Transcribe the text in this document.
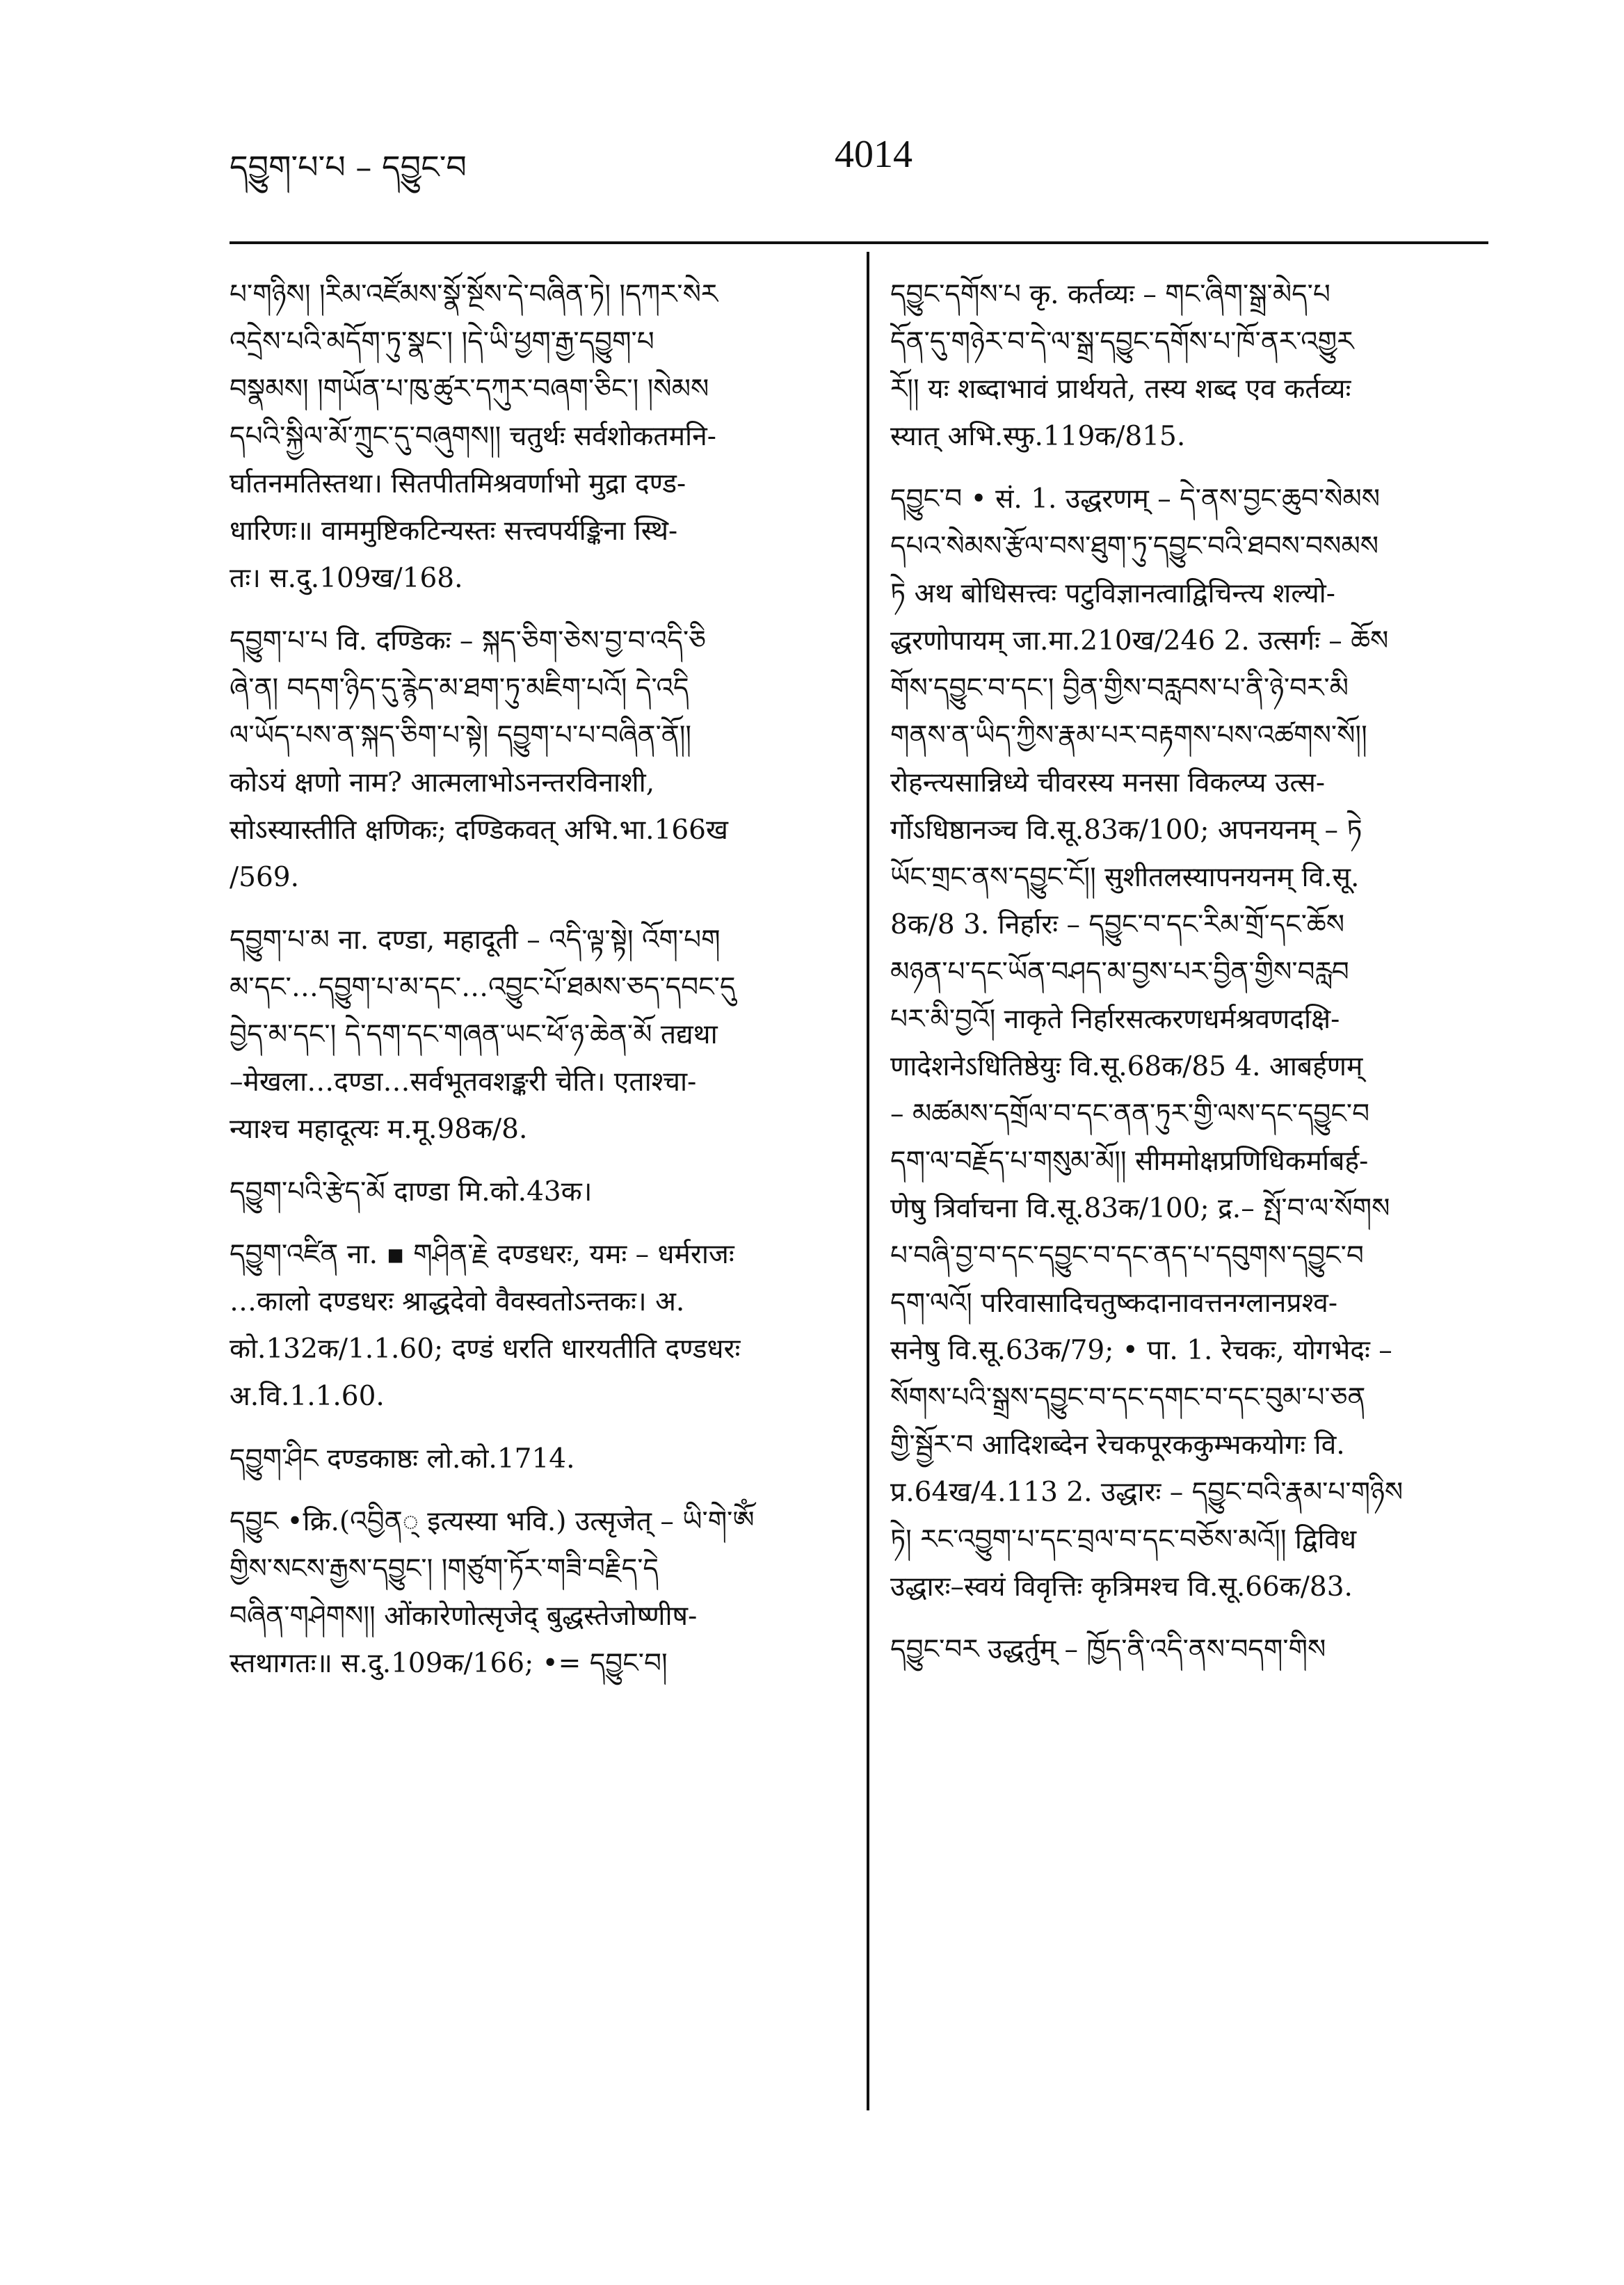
དབྱུག་པ་པ – དབྱུང་བ	4014
པ་གཉིས། །རིམ་འཛོམས་སྣོ་སྔོས་དེ་བཞིན་ཏེ། །དཀར་སེར
འདྲེས་པའི་མདོག་ཏུ་སྣང་། །དེ་ཡི་ཕྱག་རྒྱ་དབྱུག་པ
བསྣམས། །གཡོན་པ་ཁུ་ཚུར་དཀུར་བཞག་ཅིང་། །སེམས
དཔའི་སྐྱིལ་མོ་ཀྲུང་དུ་བཞུགས།། चतुर्थः सर्वशोकतमनि-
र्घातनमतिस्तथा। सितपीतमिश्रवर्णाभो मुद्रा दण्ड-
धारिणः॥ वाममुष्टिकटिन्यस्तः सत्त्वपर्यङ्किना स्थि-
तः। स.दु.109ख/168.
དབྱུག་པ་པ वि. दण्डिकः – སྐད་ཅིག་ཅེས་བྱ་བ་འདི་ཅི
ཞེ་ན། བདག་ཉིད་དུ་རྙེད་མ་ཐག་ཏུ་མཇིག་པའོ། དེ་འདི
ལ་ཡོད་པས་ན་སྐད་ཅིག་པ་སྟེ། དབྱུག་པ་པ་བཞིན་ནོ།།
कोऽयं क्षणो नाम? आत्मलाभोऽनन्तरविनाशी,
सोऽस्यास्तीति क्षणिकः; दण्डिकवत् अभि.भा.166ख
/569.
དབྱུག་པ་མ ना. दण्डा, महादूती – འདི་ལྟ་སྟེ། འོག་པག
མ་དང་…དབྱུག་པ་མ་དང་…འབྱུང་པོ་ཐམས་ཅད་དབང་དུ
བྱེད་མ་དང་། དེ་དག་དང་གཞན་ཡང་ཕོ་ཉ་ཆེན་མོ तद्यथा
–मेखला…दण्डा…सर्वभूतवशङ्करी चेति। एताश्चा-
न्याश्च महादूत्यः म.मू.98क/8.
དབྱུག་པའི་རྩེད་མོ दाण्डा मि.को.43क।
དབྱུག་འཛིན ना. ▪ གཤིན་རྗེ दण्डधरः, यमः – धर्मराजः
…कालो दण्डधरः श्राद्धदेवो वैवस्वतोऽन्तकः। अ.
को.132क/1.1.60; दण्डं धरति धारयतीति दण्डधरः
अ.वि.1.1.60.
དབྱུག་ཤིང दण्डकाष्ठः लो.को.1714.
དབྱུང •क्रि.(འབྱིན् इत्यस्या भवि.) उत्सृजेत् – ཡི་གེ་ཨོཾ
གྱིས་སངས་རྒྱས་དབྱུང་། །གཙུག་ཏོར་གཟི་བརྗིད་དེ
བཞིན་གཤེགས།། ओंकारेणोत्सृजेद् बुद्धस्तेजोष्णीष-
स्तथागतः॥ स.दु.109क/166; •= དབྱུང་བ།
དབྱུང་དགོས་པ कृ. कर्तव्यः – གང་ཞིག་སྒྲ་མེད་པ
དོན་དུ་གཉེར་བ་དེ་ལ་སྒྲ་དབྱུང་དགོས་པ་ཁོ་ནར་འགྱུར
རོ།། यः शब्दाभावं प्रार्थयते, तस्य शब्द एव कर्तव्यः
स्यात् अभि.स्फु.119क/815.
དབྱུང་བ • सं. 1. उद्धरणम् – དེ་ནས་བྱང་ཆུབ་སེམས
དཔའ་སེམས་རྩོལ་བས་ཐུག་ཏུ་དབྱུང་བའི་ཐབས་བསམས
ཏེ अथ बोधिसत्त्वः पटुविज्ञानत्वाद्विचिन्त्य शल्यो-
द्धरणोपायम् जा.मा.210ख/246 2. उत्सर्गः – ཆོས
གོས་དབྱུང་བ་དང་། བྱིན་གྱིས་བརླབས་པ་ནི་ཉེ་བར་མི
གནས་ན་ཡིད་ཀྱིས་རྣམ་པར་བརྟགས་པས་འཚགས་སོ།།
रोहन्त्यसान्निध्ये चीवरस्य मनसा विकल्प्य उत्स-
र्गोऽधिष्ठानञ्च वि.सू.83क/100; अपनयनम् – ཏེ
ཡོང་གྲང་ནས་དབྱུང་ངོ།། सुशीतलस्यापनयनम् वि.सू.
8क/8 3. निर्हारः – དབྱུང་བ་དང་རིམ་གྲོ་དང་ཆོས
མཉན་པ་དང་ཡོན་བཤད་མ་བྱས་པར་བྱིན་གྱིས་བརླབ
པར་མི་བྱའོ། नाकृते निर्हारसत्करणधर्मश्रवणदक्षि-
णादेशनेऽधितिष्ठेयुः वि.सू.68क/85 4. आबर्हणम्
– མཚམས་དགྲོལ་བ་དང་ནན་ཏུར་གྱི་ལས་དང་དབྱུང་བ
དག་ལ་བརྗོད་པ་གསུམ་མོ།། सीममोक्षप्रणिधिकर्माबर्ह-
णेषु त्रिर्वाचना वि.सू.83क/100; द्र.– སྤོ་བ་ལ་སོགས
པ་བཞི་བྱ་བ་དང་དབྱུང་བ་དང་ནད་པ་དབུགས་དབྱུང་བ
དག་ལའོ། परिवासादिचतुष्कदानावत्तनग्लानप्रश्व-
सनेषु वि.सू.63क/79; • पा. 1. रेचकः, योगभेदः –
སོགས་པའི་སྒྲས་དབྱུང་བ་དང་དགང་བ་དང་བུམ་པ་ཅན
གྱི་སྦྱོར་བ आदिशब्देन रेचकपूरककुम्भकयोगः वि.
प्र.64ख/4.113 2. उद्धारः – དབྱུང་བའི་རྣམ་པ་གཉིས
ཏེ། རང་འབྱུག་པ་དང་བྲལ་བ་དང་བཅོས་མའོ།། द्विविध
उद्धारः–स्वयं विवृत्तिः कृत्रिमश्च वि.सू.66क/83.
དབྱུང་བར उद्धर्तुम् – ཁྱོད་ནི་འདི་ནས་བདག་གིས
